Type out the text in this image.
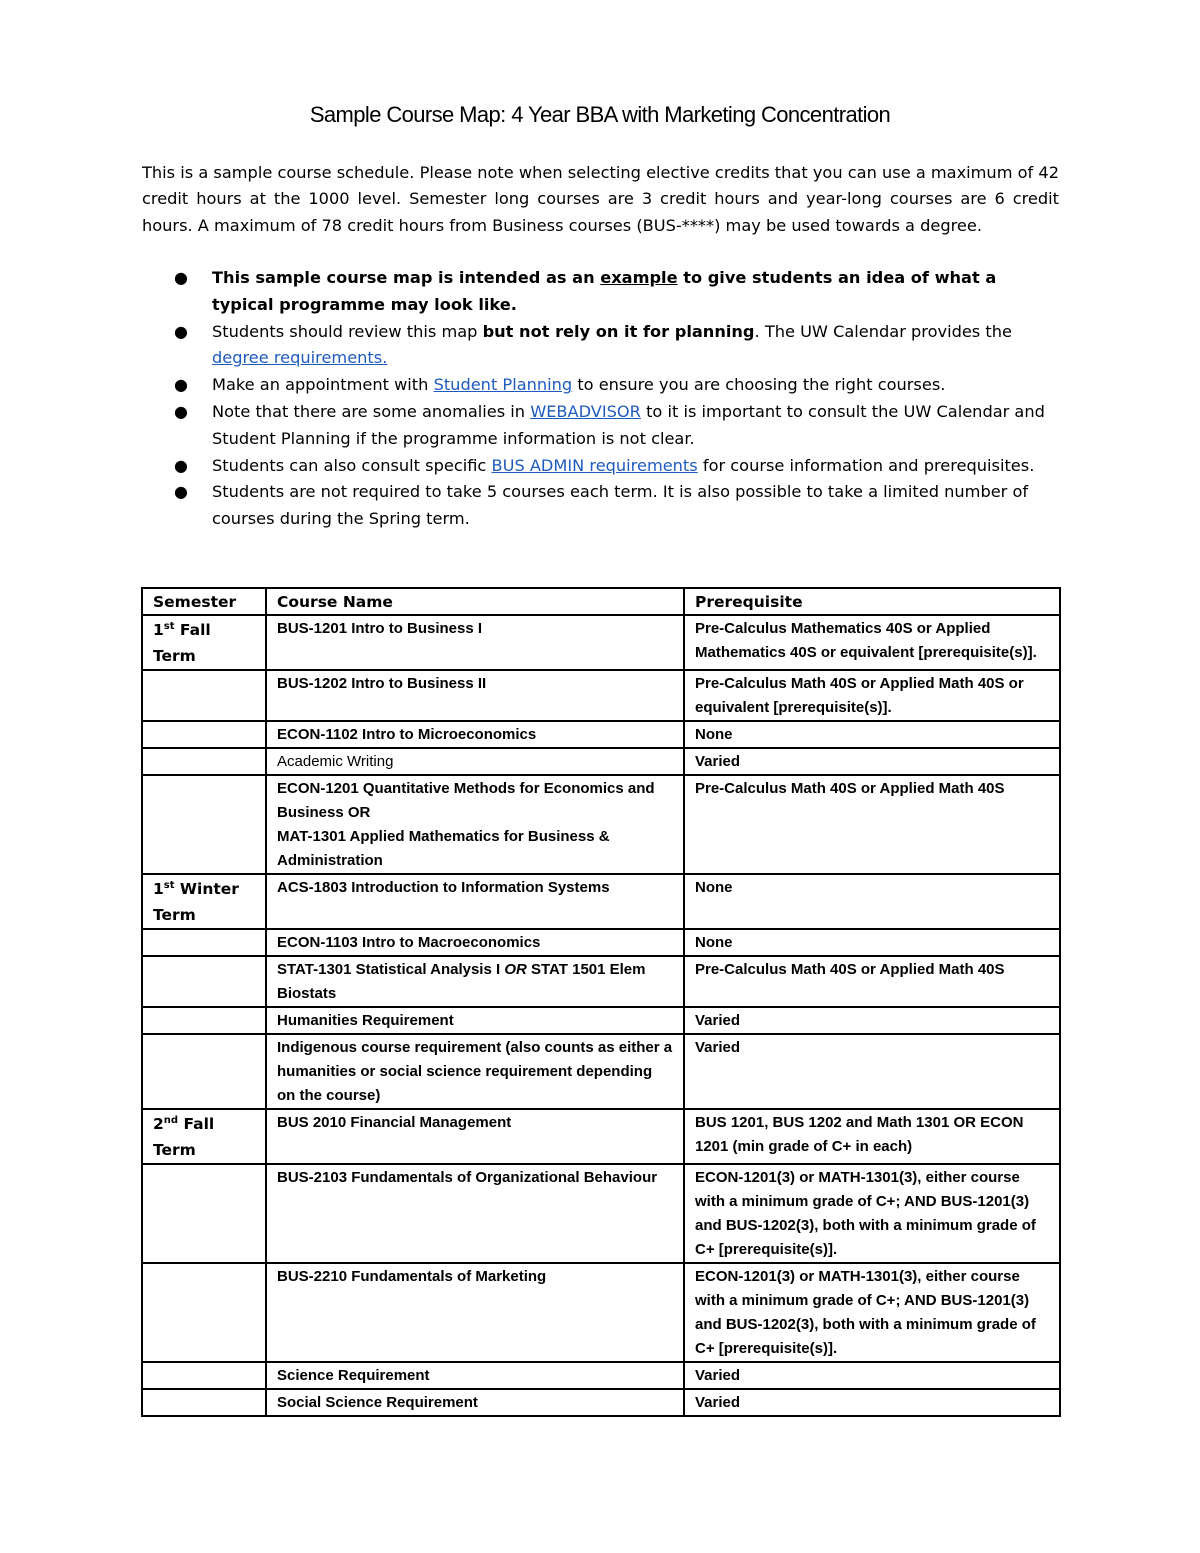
Sample Course Map: 4 Year BBA with Marketing Concentration

This is a sample course schedule. Please note when selecting elective credits that you can use a maximum of 42 credit hours at the 1000 level. Semester long courses are 3 credit hours and year-long courses are 6 credit hours. A maximum of 78 credit hours from Business courses (BUS-****) may be used towards a degree.

● This sample course map is intended as an example to give students an idea of what a typical programme may look like.
● Students should review this map but not rely on it for planning. The UW Calendar provides the degree requirements.
● Make an appointment with Student Planning to ensure you are choosing the right courses.
● Note that there are some anomalies in WEBADVISOR to it is important to consult the UW Calendar and Student Planning if the programme information is not clear.
● Students can also consult specific BUS ADMIN requirements for course information and prerequisites.
● Students are not required to take 5 courses each term. It is also possible to take a limited number of courses during the Spring term.
Semester	Course Name	Prerequisite
1st Fall
Term	BUS-1201 Intro to Business I	Pre-Calculus Mathematics 40S or Applied Mathematics 40S or equivalent [prerequisite(s)].
	BUS-1202 Intro to Business II	Pre-Calculus Math 40S or Applied Math 40S or equivalent [prerequisite(s)].
	ECON-1102 Intro to Microeconomics	None
	Academic Writing	Varied
	ECON-1201 Quantitative Methods for Economics and Business OR
MAT-1301 Applied Mathematics for Business & Administration	Pre-Calculus Math 40S or Applied Math 40S
1st Winter
Term	ACS-1803 Introduction to Information Systems	None
	ECON-1103 Intro to Macroeconomics	None
	STAT-1301 Statistical Analysis I OR STAT 1501 Elem Biostats	Pre-Calculus Math 40S or Applied Math 40S
	Humanities Requirement	Varied
	Indigenous course requirement (also counts as either a humanities or social science requirement depending on the course)	Varied
2nd Fall
Term	BUS 2010 Financial Management	BUS 1201, BUS 1202 and Math 1301 OR ECON 1201 (min grade of C+ in each)
	BUS-2103 Fundamentals of Organizational Behaviour	ECON-1201(3) or MATH-1301(3), either course with a minimum grade of C+; AND BUS-1201(3) and BUS-1202(3), both with a minimum grade of C+ [prerequisite(s)].
	BUS-2210 Fundamentals of Marketing	ECON-1201(3) or MATH-1301(3), either course with a minimum grade of C+; AND BUS-1201(3) and BUS-1202(3), both with a minimum grade of C+ [prerequisite(s)].
	Science Requirement	Varied
	Social Science Requirement	Varied
